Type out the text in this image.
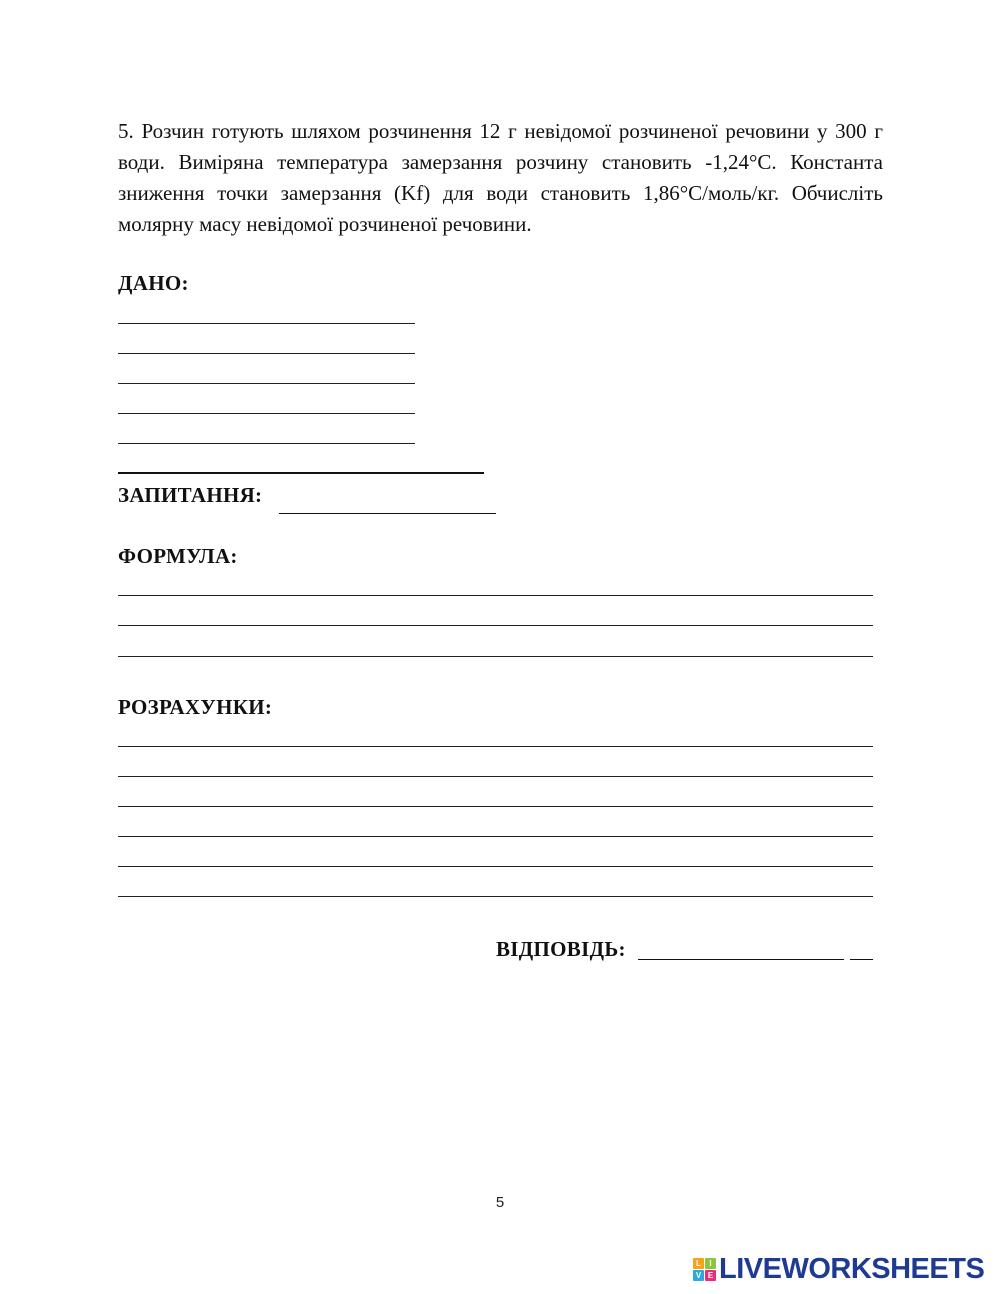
5. Розчин готують шляхом розчинення 12 г невідомої розчиненої речовини у 300 г води. Виміряна температура замерзання розчину становить -1,24°С. Константа зниження точки замерзання (Kf) для води становить 1,86°С/моль/кг. Обчисліть молярну масу невідомої розчиненої речовини.

ДАНО:

ЗАПИТАННЯ:

ФОРМУЛА:

РОЗРАХУНКИ:

ВІДПОВІДЬ:

5
L	I
V E LIVEWORKSHEETS
